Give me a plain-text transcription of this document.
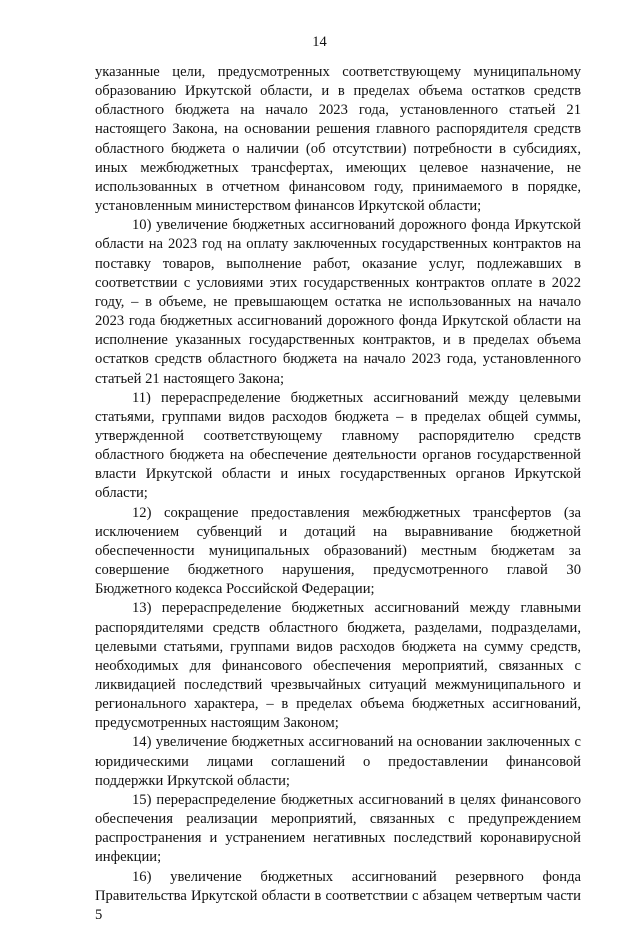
14

указанные цели, предусмотренных соответствующему муниципальному образованию Иркутской области, и в пределах объема остатков средств областного бюджета на начало 2023 года, установленного статьей 21 настоящего Закона, на основании решения главного распорядителя средств областного бюджета о наличии (об отсутствии) потребности в субсидиях, иных межбюджетных трансфертах, имеющих целевое назначение, не использованных в отчетном финансовом году, принимаемого в порядке, установленным министерством финансов Иркутской области;

10) увеличение бюджетных ассигнований дорожного фонда Иркутской области на 2023 год на оплату заключенных государственных контрактов на поставку товаров, выполнение работ, оказание услуг, подлежавших в соответствии с условиями этих государственных контрактов оплате в 2022 году, – в объеме, не превышающем остатка не использованных на начало 2023 года бюджетных ассигнований дорожного фонда Иркутской области на исполнение указанных государственных контрактов, и в пределах объема остатков средств областного бюджета на начало 2023 года, установленного статьей 21 настоящего Закона;

11) перераспределение бюджетных ассигнований между целевыми статьями, группами видов расходов бюджета – в пределах общей суммы, утвержденной соответствующему главному распорядителю средств областного бюджета на обеспечение деятельности органов государственной власти Иркутской области и иных государственных органов Иркутской области;

12) сокращение предоставления межбюджетных трансфертов (за исключением субвенций и дотаций на выравнивание бюджетной обеспеченности муниципальных образований) местным бюджетам за совершение бюджетного нарушения, предусмотренного главой 30 Бюджетного кодекса Российской Федерации;

13) перераспределение бюджетных ассигнований между главными распорядителями средств областного бюджета, разделами, подразделами, целевыми статьями, группами видов расходов бюджета на сумму средств, необходимых для финансового обеспечения мероприятий, связанных с ликвидацией последствий чрезвычайных ситуаций межмуниципального и регионального характера, – в пределах объема бюджетных ассигнований, предусмотренных настоящим Законом;

14) увеличение бюджетных ассигнований на основании заключенных с юридическими лицами соглашений о предоставлении финансовой поддержки Иркутской области;

15) перераспределение бюджетных ассигнований в целях финансового обеспечения реализации мероприятий, связанных с предупреждением распространения и устранением негативных последствий коронавирусной инфекции;

16) увеличение бюджетных ассигнований резервного фонда Правительства Иркутской области в соответствии с абзацем четвертым части 5
